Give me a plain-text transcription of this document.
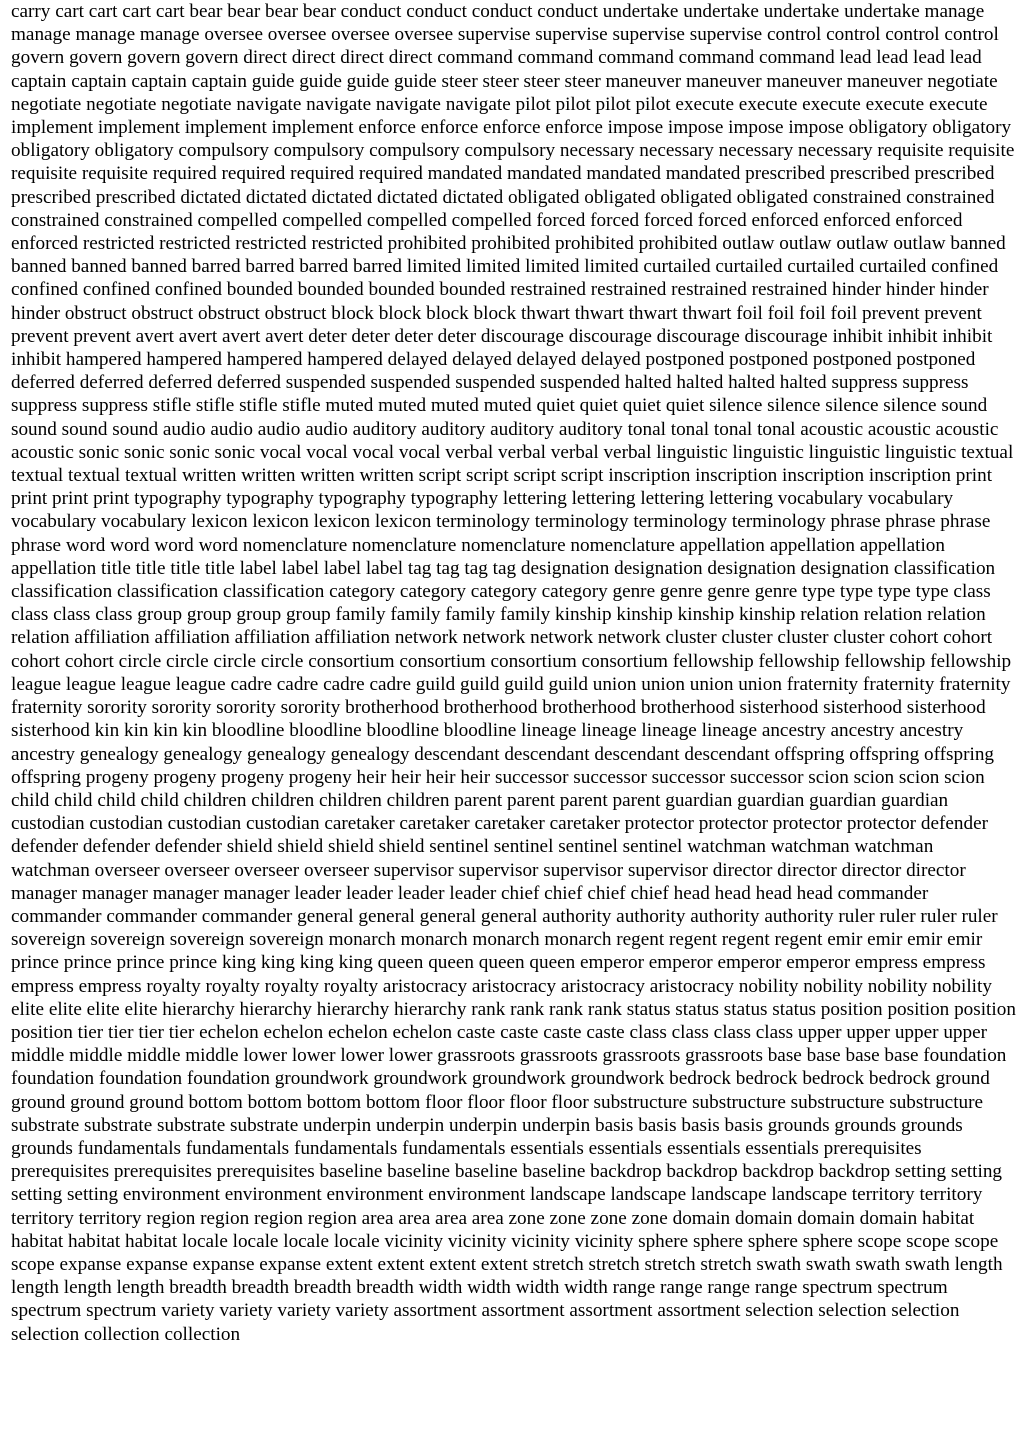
carry cart cart cart cart bear bear bear bear conduct conduct conduct conduct undertake undertake undertake undertake manage manage manage manage oversee oversee oversee oversee supervise supervise supervise supervise control control control control govern govern govern govern direct direct direct direct command command command command command lead lead lead lead captain captain captain captain guide guide guide guide steer steer steer steer maneuver maneuver maneuver maneuver negotiate negotiate negotiate negotiate navigate navigate navigate navigate pilot pilot pilot pilot execute execute execute execute execute implement implement implement implement enforce enforce enforce enforce impose impose impose impose obligatory obligatory obligatory obligatory compulsory compulsory compulsory compulsory necessary necessary necessary necessary requisite requisite requisite requisite required required required required mandated mandated mandated mandated prescribed prescribed prescribed prescribed prescribed dictated dictated dictated dictated dictated obligated obligated obligated obligated constrained constrained constrained constrained compelled compelled compelled compelled forced forced forced forced enforced enforced enforced enforced restricted restricted restricted restricted prohibited prohibited prohibited prohibited outlaw outlaw outlaw outlaw banned banned banned banned barred barred barred barred limited limited limited limited curtailed curtailed curtailed curtailed confined confined confined confined bounded bounded bounded bounded restrained restrained restrained restrained hinder hinder hinder hinder obstruct obstruct obstruct obstruct block block block block thwart thwart thwart thwart foil foil foil foil prevent prevent prevent prevent avert avert avert avert deter deter deter deter discourage discourage discourage discourage inhibit inhibit inhibit inhibit hampered hampered hampered hampered delayed delayed delayed delayed postponed postponed postponed postponed deferred deferred deferred deferred suspended suspended suspended suspended halted halted halted halted suppress suppress suppress suppress stifle stifle stifle stifle muted muted muted muted quiet quiet quiet quiet silence silence silence silence sound sound sound sound audio audio audio audio auditory auditory auditory auditory tonal tonal tonal tonal acoustic acoustic acoustic acoustic sonic sonic sonic sonic vocal vocal vocal vocal verbal verbal verbal verbal linguistic linguistic linguistic linguistic textual textual textual textual written written written written script script script script inscription inscription inscription inscription print print print print typography typography typography typography lettering lettering lettering lettering vocabulary vocabulary vocabulary vocabulary lexicon lexicon lexicon lexicon terminology terminology terminology terminology phrase phrase phrase phrase word word word word nomenclature nomenclature nomenclature nomenclature appellation appellation appellation appellation title title title title label label label label tag tag tag tag designation designation designation designation classification classification classification classification category category category category genre genre genre genre type type type type class class class class group group group group family family family family kinship kinship kinship kinship relation relation relation relation affiliation affiliation affiliation affiliation network network network network cluster cluster cluster cluster cohort cohort cohort cohort circle circle circle circle consortium consortium consortium consortium fellowship fellowship fellowship fellowship league league league league cadre cadre cadre cadre guild guild guild guild union union union union fraternity fraternity fraternity fraternity sorority sorority sorority sorority brotherhood brotherhood brotherhood brotherhood sisterhood sisterhood sisterhood sisterhood kin kin kin kin bloodline bloodline bloodline bloodline lineage lineage lineage lineage ancestry ancestry ancestry ancestry genealogy genealogy genealogy genealogy descendant descendant descendant descendant offspring offspring offspring offspring progeny progeny progeny progeny heir heir heir heir successor successor successor successor scion scion scion scion child child child child children children children children parent parent parent parent guardian guardian guardian guardian custodian custodian custodian custodian caretaker caretaker caretaker caretaker protector protector protector protector defender defender defender defender shield shield shield shield sentinel sentinel sentinel sentinel watchman watchman watchman watchman overseer overseer overseer overseer supervisor supervisor supervisor supervisor director director director director manager manager manager manager leader leader leader leader chief chief chief chief head head head head commander commander commander commander general general general general authority authority authority authority ruler ruler ruler ruler sovereign sovereign sovereign sovereign monarch monarch monarch monarch regent regent regent regent emir emir emir emir prince prince prince prince king king king king queen queen queen queen emperor emperor emperor emperor empress empress empress empress royalty royalty royalty royalty aristocracy aristocracy aristocracy aristocracy nobility nobility nobility nobility elite elite elite elite hierarchy hierarchy hierarchy hierarchy rank rank rank rank status status status status position position position position tier tier tier tier echelon echelon echelon echelon caste caste caste caste class class class class upper upper upper upper middle middle middle middle lower lower lower lower grassroots grassroots grassroots grassroots base base base base foundation foundation foundation foundation groundwork groundwork groundwork groundwork bedrock bedrock bedrock bedrock ground ground ground ground bottom bottom bottom bottom floor floor floor floor substructure substructure substructure substructure substrate substrate substrate substrate underpin underpin underpin underpin basis basis basis basis grounds grounds grounds grounds fundamentals fundamentals fundamentals fundamentals essentials essentials essentials essentials prerequisites prerequisites prerequisites prerequisites baseline baseline baseline baseline backdrop backdrop backdrop backdrop setting setting setting setting environment environment environment environment landscape landscape landscape landscape territory territory territory territory region region region region area area area area zone zone zone zone domain domain domain domain habitat habitat habitat habitat locale locale locale locale vicinity vicinity vicinity vicinity sphere sphere sphere sphere scope scope scope scope expanse expanse expanse expanse extent extent extent extent stretch stretch stretch stretch swath swath swath swath length length length length breadth breadth breadth breadth width width width width range range range range spectrum spectrum spectrum spectrum variety variety variety variety assortment assortment assortment assortment selection selection selection selection collection collection
